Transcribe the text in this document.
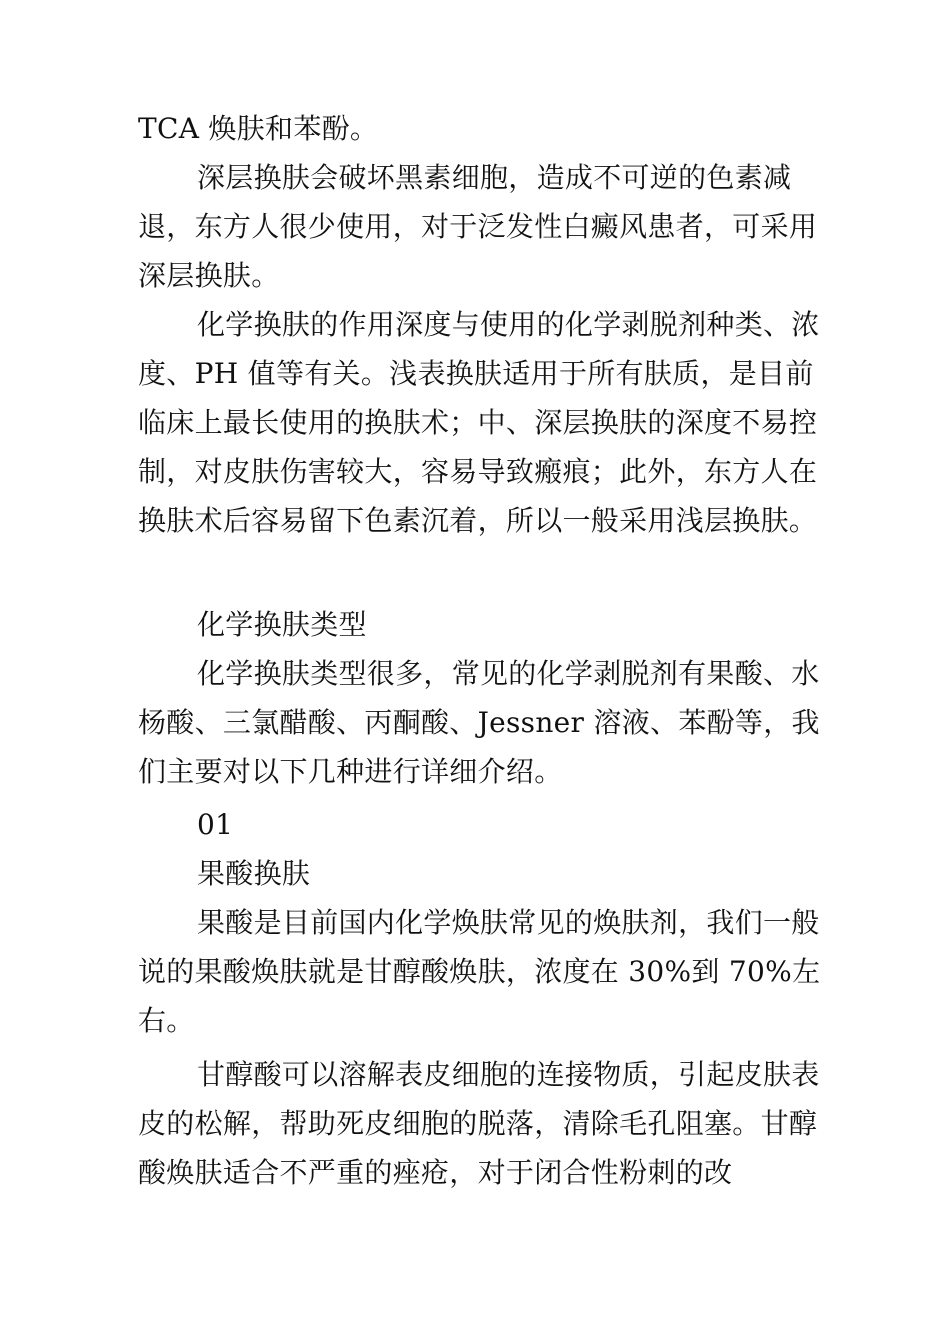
TCA 焕肤和苯酚。

深层换肤会破坏黑素细胞，造成不可逆的色素减退，东方人很少使用，对于泛发性白癜风患者，可采用深层换肤。

化学换肤的作用深度与使用的化学剥脱剂种类、浓度、PH 值等有关。浅表换肤适用于所有肤质，是目前临床上最长使用的换肤术；中、深层换肤的深度不易控制，对皮肤伤害较大，容易导致瘢痕；此外，东方人在换肤术后容易留下色素沉着，所以一般采用浅层换肤。

化学换肤类型

化学换肤类型很多，常见的化学剥脱剂有果酸、水杨酸、三氯醋酸、丙酮酸、Jessner 溶液、苯酚等，我们主要对以下几种进行详细介绍。

01

果酸换肤

果酸是目前国内化学焕肤常见的焕肤剂，我们一般说的果酸焕肤就是甘醇酸焕肤，浓度在 30%到 70%左右。

甘醇酸可以溶解表皮细胞的连接物质，引起皮肤表皮的松解，帮助死皮细胞的脱落，清除毛孔阻塞。甘醇酸焕肤适合不严重的痤疮，对于闭合性粉刺的改
